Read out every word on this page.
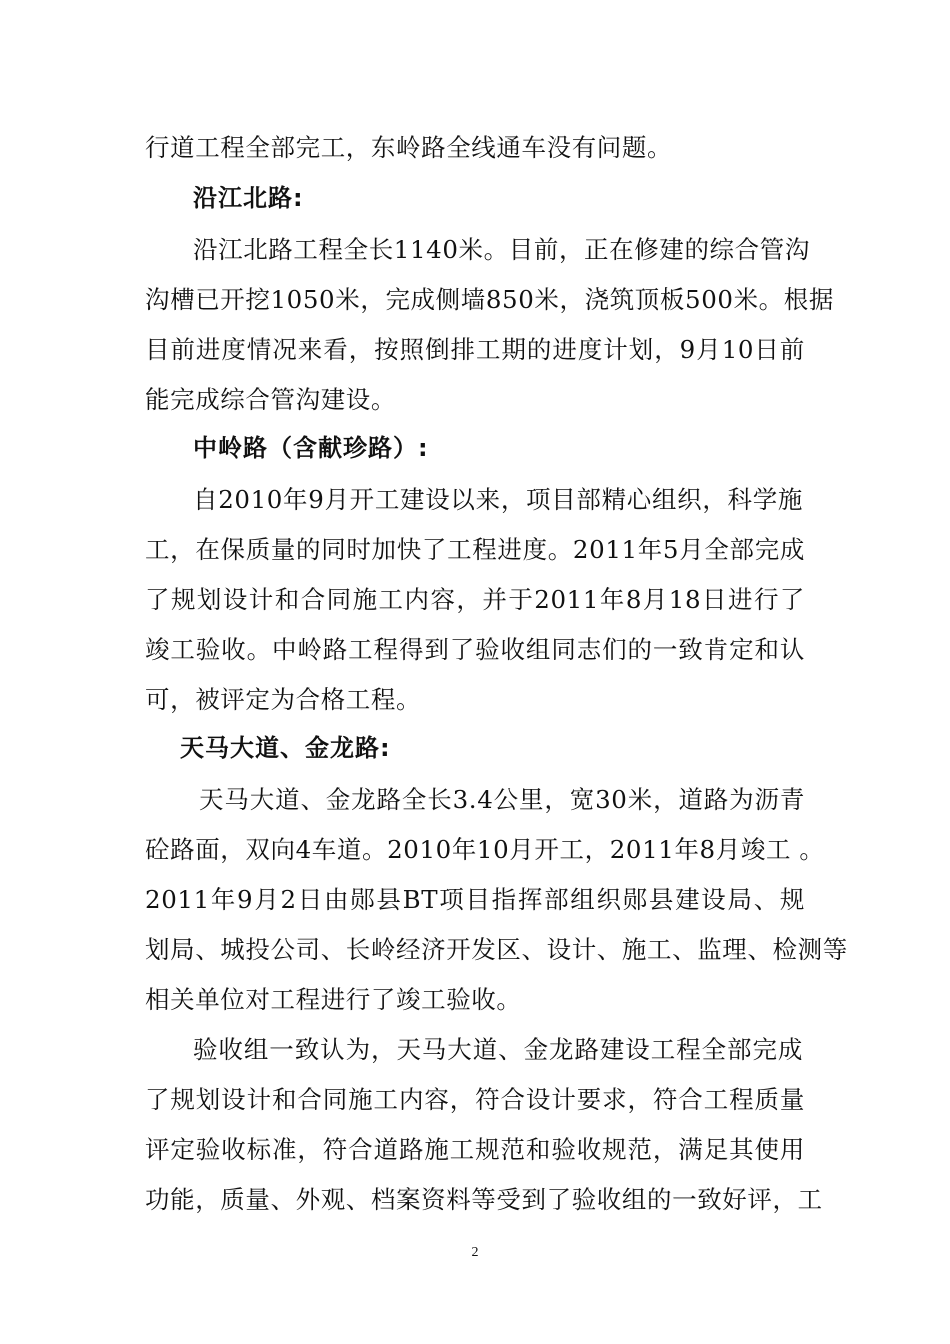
行道工程全部完工，东岭路全线通车没有问题。
沿江北路:
沿江北路工程全长1140米。目前，正在修建的综合管沟
沟槽已开挖1050米，完成侧墙850米，浇筑顶板500米。根据
目前进度情况来看，按照倒排工期的进度计划，9月10日前
能完成综合管沟建设。
中岭路（含献珍路）:
自2010年9月开工建设以来，项目部精心组织，科学施
工，在保质量的同时加快了工程进度。2011年5月全部完成
了规划设计和合同施工内容，并于2011年8月18日进行了
竣工验收。中岭路工程得到了验收组同志们的一致肯定和认
可，被评定为合格工程。
天马大道、金龙路:
天马大道、金龙路全长3.4公里，宽30米，道路为沥青
砼路面，双向4车道。2010年10月开工，2011年8月竣工 。
2011年9月2日由郧县BT项目指挥部组织郧县建设局、规
划局、城投公司、长岭经济开发区、设计、施工、监理、检测等
相关单位对工程进行了竣工验收。
验收组一致认为，天马大道、金龙路建设工程全部完成
了规划设计和合同施工内容，符合设计要求，符合工程质量
评定验收标准，符合道路施工规范和验收规范，满足其使用
功能，质量、外观、档案资料等受到了验收组的一致好评，工
2
